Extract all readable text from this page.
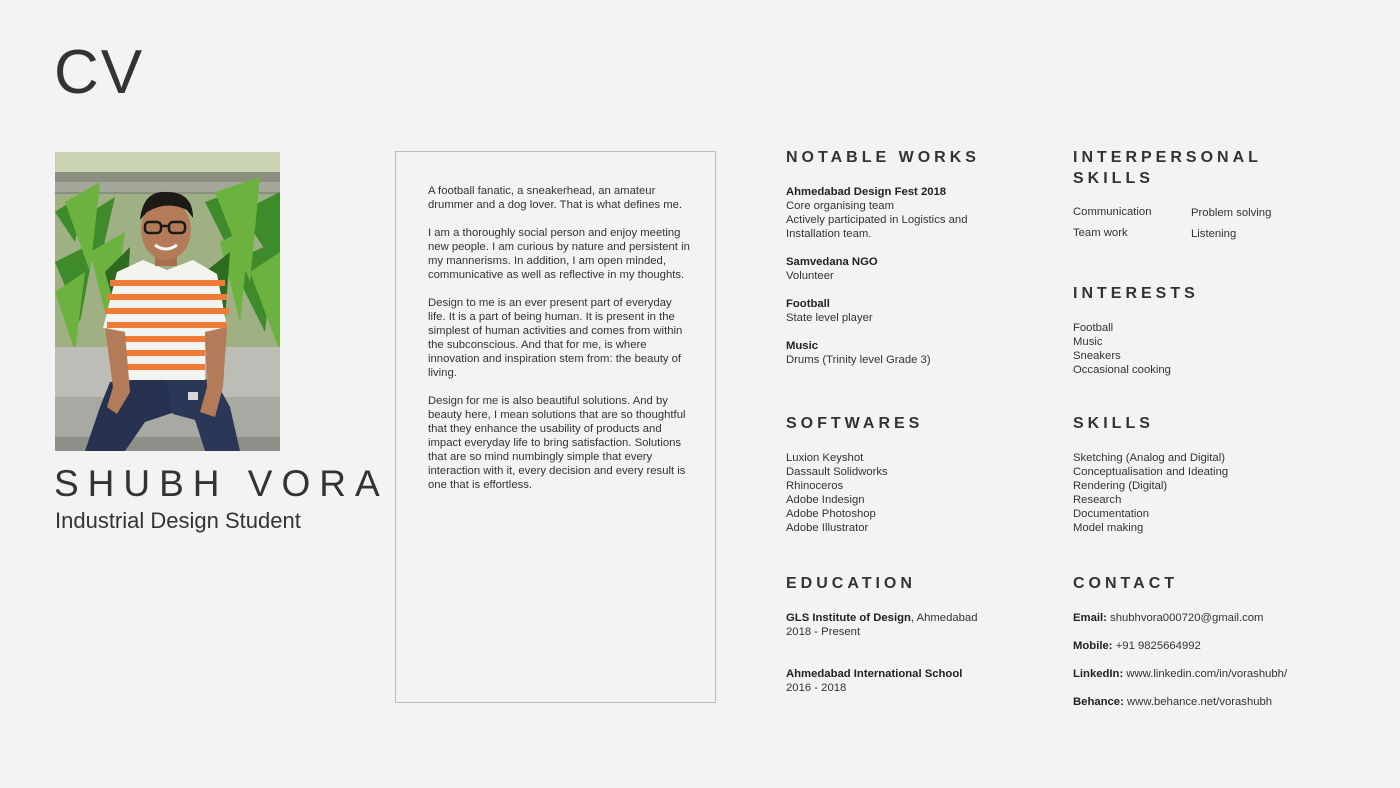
CV
SHUBH VORA
Industrial Design Student

A football fanatic, a sneakerhead, an amateur drummer and a dog lover. That is what defines me.

I am a thoroughly social person and enjoy meeting new people. I am curious by nature and persistent in my mannerisms. In addition, I am open minded, communicative as well as reflective in my thoughts.

Design to me is an ever present part of everyday life. It is a part of being human. It is present in the simplest of human activities and comes from within the subconscious. And that for me, is where innovation and inspiration stem from: the beauty of living.

Design for me is also beautiful solutions. And by beauty here, I mean solutions that are so thoughtful that they enhance the usability of products and impact everyday life to bring satisfaction. Solutions that are so mind numbingly simple that every interaction with it, every decision and every result is one that is effortless.

NOTABLE WORKS
Ahmedabad Design Fest 2018
Core organising team
Actively participated in Logistics and
Installation team.
Samvedana NGO
Volunteer
Football
State level player
Music
Drums (Trinity level Grade 3)
SOFTWARES
Luxion Keyshot
Dassault Solidworks
Rhinoceros
Adobe Indesign
Adobe Photoshop
Adobe Illustrator
EDUCATION
GLS Institute of Design, Ahmedabad
2018 - Present
Ahmedabad International School
2016 - 2018
INTERPERSONAL
SKILLS
Communication	Problem solving
Team work	Listening
INTERESTS
Football
Music
Sneakers
Occasional cooking
SKILLS
Sketching (Analog and Digital)
Conceptualisation and Ideating
Rendering (Digital)
Research
Documentation
Model making
CONTACT
Email: shubhvora000720@gmail.com
Mobile: +91 9825664992
LinkedIn: www.linkedin.com/in/vorashubh/
Behance: www.behance.net/vorashubh
